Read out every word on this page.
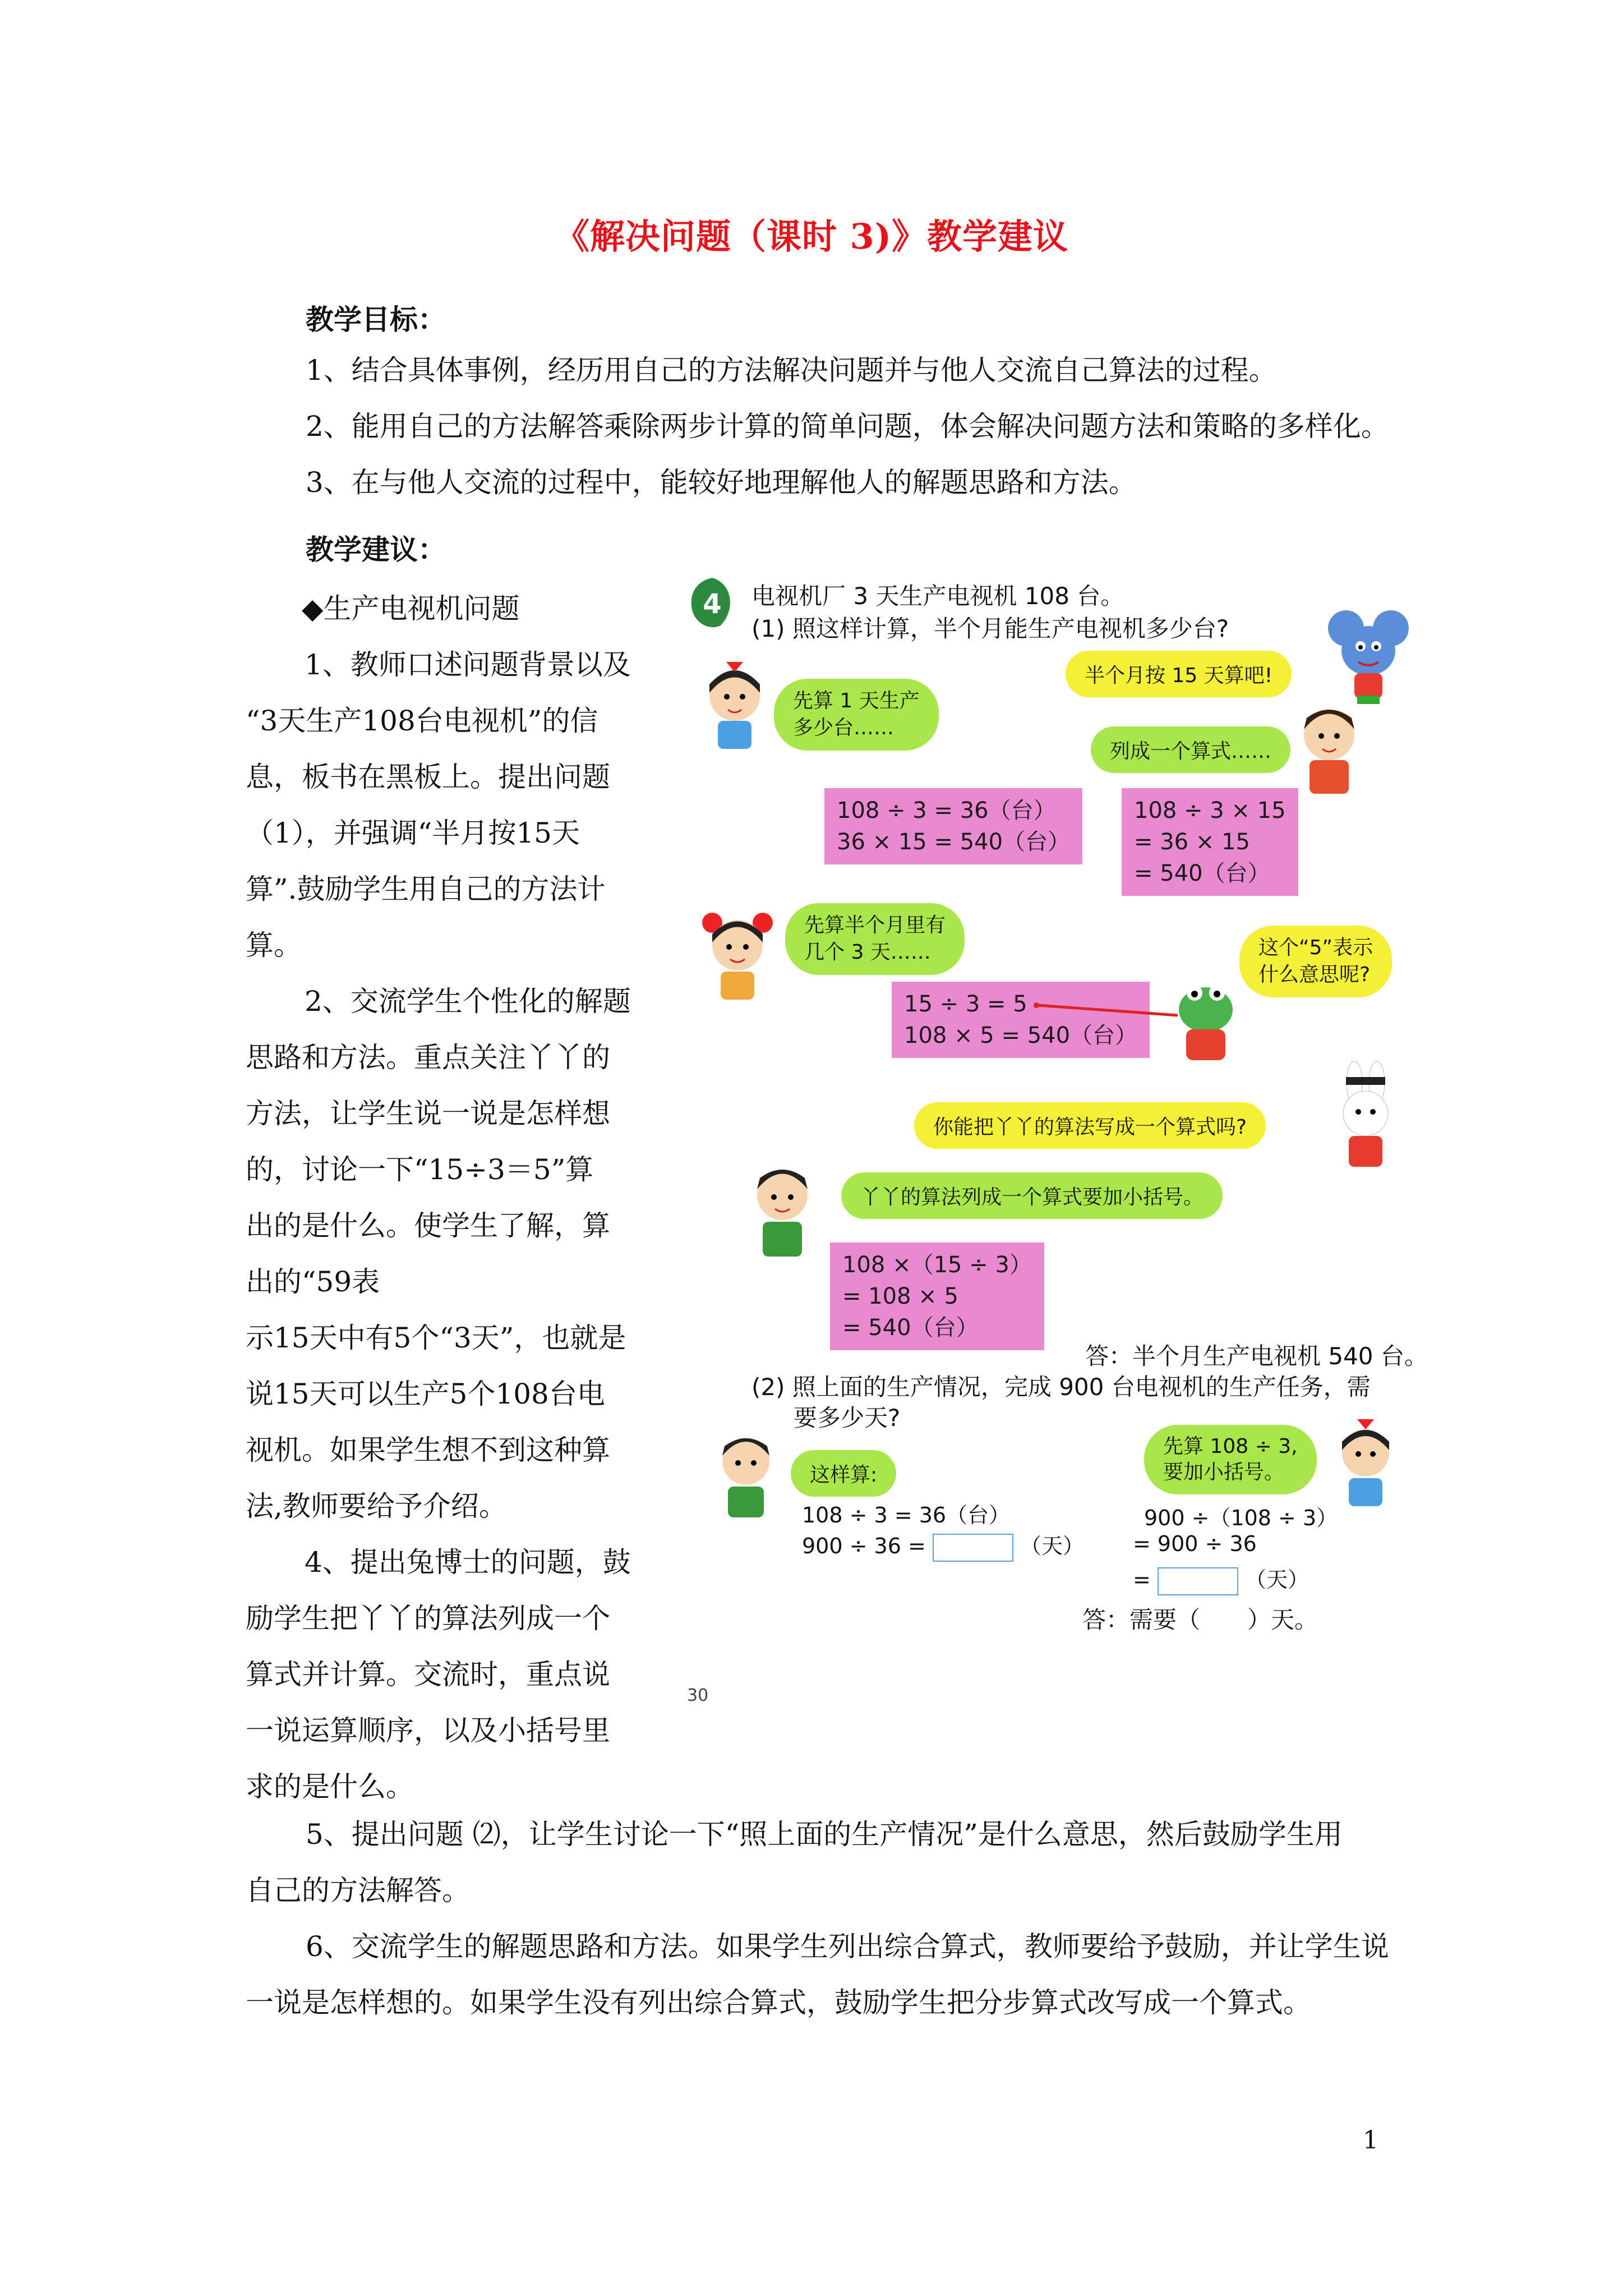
《解决问题（课时 3)》教学建议
教学目标：
1、结合具体事例，经历用自己的方法解决问题并与他人交流自己算法的过程。
2、能用自己的方法解答乘除两步计算的简单问题，体会解决问题方法和策略的多样化。
3、在与他人交流的过程中，能较好地理解他人的解题思路和方法。
教学建议：
◆生产电视机问题
　1、教师口述问题背景以及
“3天生产108台电视机”的信
息，板书在黑板上。提出问题
（1），并强调“半月按15天
算”.鼓励学生用自己的方法计
算。
　2、交流学生个性化的解题
思路和方法。重点关注丫丫的
方法，让学生说一说是怎样想
的，讨论一下“15÷3＝5”算
出的是什么。使学生了解，算
出的“59表
示15天中有5个“3天”，也就是
说15天可以生产5个108台电
视机。如果学生想不到这种算
法,教师要给予介绍。
　4、提出兔博士的问题，鼓
励学生把丫丫的算法列成一个
算式并计算。交流时，重点说
一说运算顺序，以及小括号里
求的是什么。
5、提出问题 ⑵，让学生讨论一下“照上面的生产情况”是什么意思，然后鼓励学生用
自己的方法解答。
6、交流学生的解题思路和方法。如果学生列出综合算式，教师要给予鼓励，并让学生说
一说是怎样想的。如果学生没有列出综合算式，鼓励学生把分步算式改写成一个算式。
4 电视机厂 3 天生产电视机 108 台。
(1) 照这样计算，半个月能生产电视机多少台?
半个月按 15 天算吧!
先算 1 天生产
多少台……
列成一个算式……
108 ÷ 3 = 36（台）
36 × 15 = 540（台）
108 ÷ 3 × 15
= 36 × 15
= 540（台）
先算半个月里有
几个 3 天……	这个“5”表示
什么意思呢?
15 ÷ 3 = 5
108 × 5 = 540（台）
你能把丫丫的算法写成一个算式吗?
丫丫的算法列成一个算式要加小括号。
108 ×（15 ÷ 3）
= 108 × 5
= 540（台）
答：半个月生产电视机 540 台。
(2) 照上面的生产情况，完成 900 台电视机的生产任务，需
要多少天?
这样算:
108 ÷ 3 = 36（台）
900 ÷ 36 =	（天）
先算 108 ÷ 3,
要加小括号。
900 ÷（108 ÷ 3）
= 900 ÷ 36
=	（天）
答：需要（　　）天。
30
1
